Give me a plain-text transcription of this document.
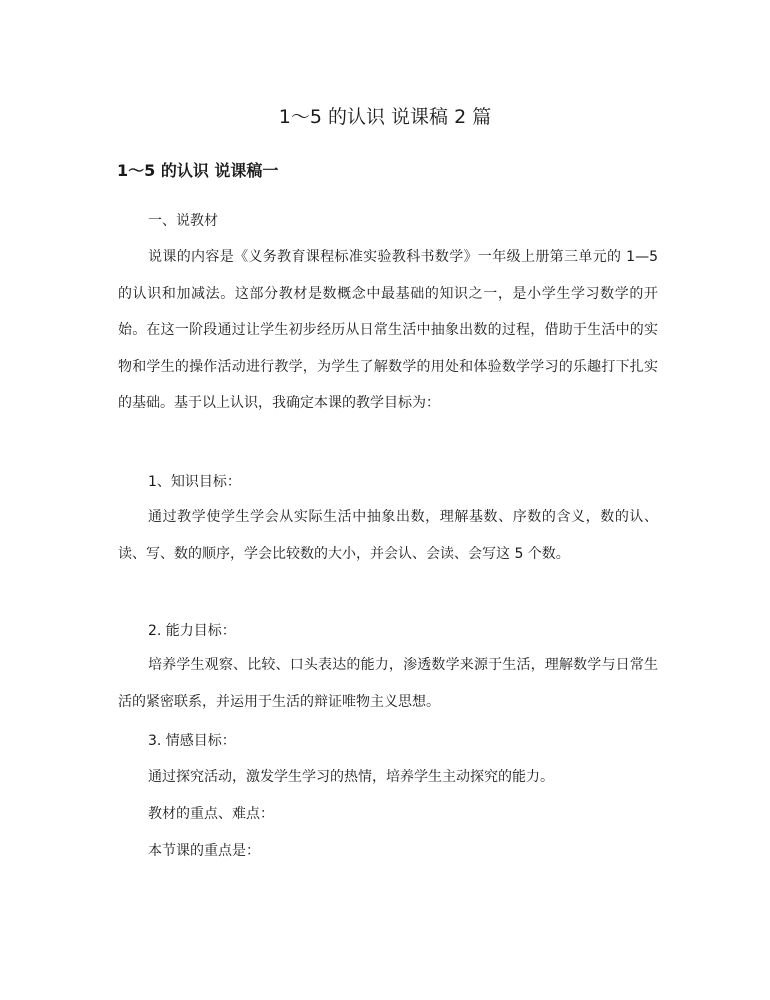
1～5 的认识 说课稿 2 篇
1～5 的认识 说课稿一

一、说教材

说课的内容是《义务教育课程标准实验教科书数学》一年级上册第三单元的 1—5 的认识和加减法。这部分教材是数概念中最基础的知识之一，是小学生学习数学的开始。在这一阶段通过让学生初步经历从日常生活中抽象出数的过程，借助于生活中的实物和学生的操作活动进行教学，为学生了解数学的用处和体验数学学习的乐趣打下扎实的基础。基于以上认识，我确定本课的教学目标为：

1、知识目标：

通过教学使学生学会从实际生活中抽象出数，理解基数、序数的含义，数的认、读、写、数的顺序，学会比较数的大小，并会认、会读、会写这 5 个数。

2. 能力目标：

培养学生观察、比较、口头表达的能力，渗透数学来源于生活，理解数学与日常生活的紧密联系，并运用于生活的辩证唯物主义思想。

3. 情感目标：

通过探究活动，激发学生学习的热情，培养学生主动探究的能力。

教材的重点、难点：

本节课的重点是：
